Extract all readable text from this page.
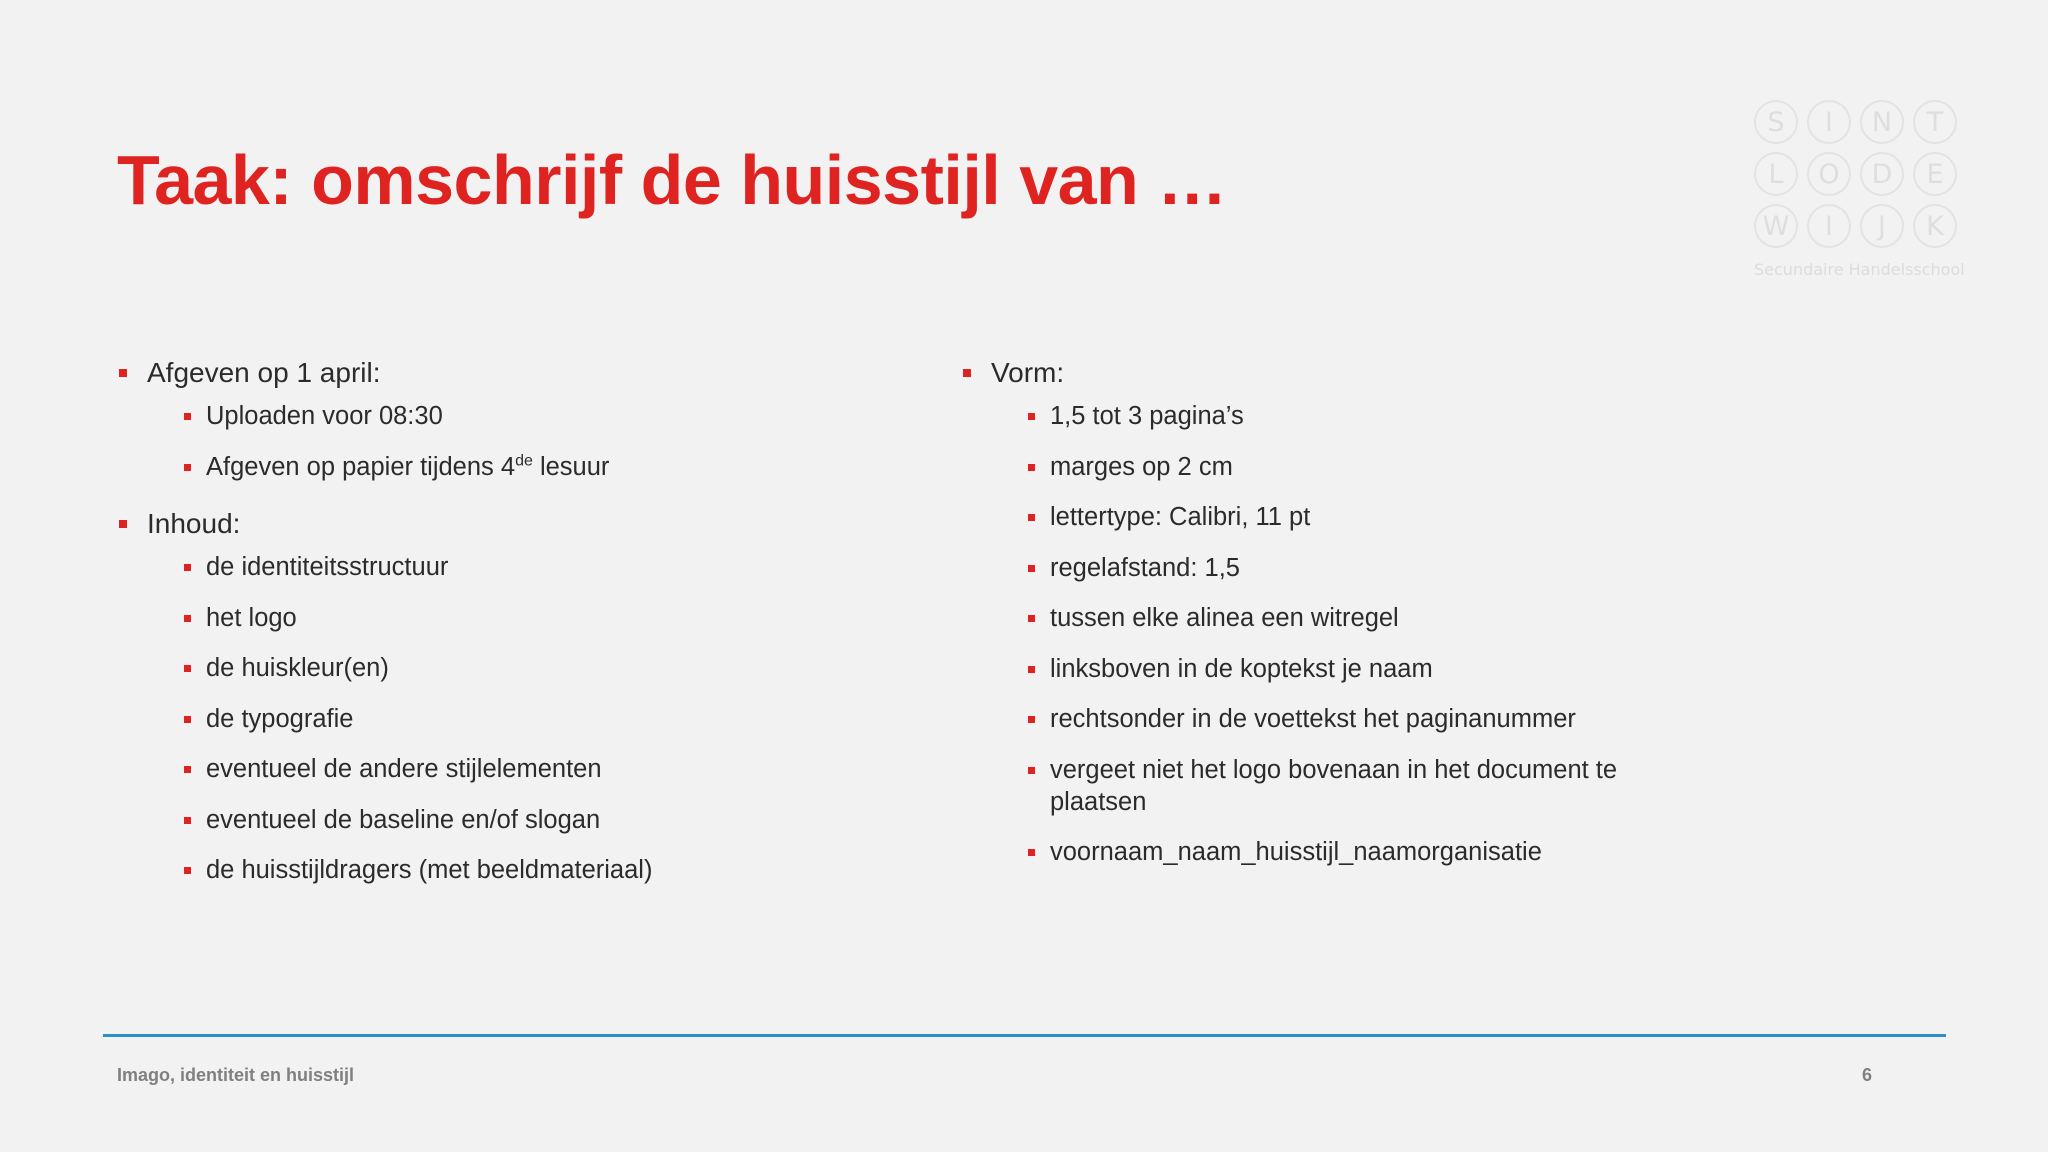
Taak: omschrijf de huisstijl van …
S	I	N	T
L	O	D	E
W	I	J	K
Secundaire Handelsschool
Afgeven op 1 april:
Uploaden voor 08:30
Afgeven op papier tijdens 4de lesuur
Inhoud:
de identiteitsstructuur
het logo
de huiskleur(en)
de typografie
eventueel de andere stijlelementen
eventueel de baseline en/of slogan
de huisstijldragers (met beeldmateriaal)
Vorm:
1,5 tot 3 pagina’s
marges op 2 cm
lettertype: Calibri, 11 pt
regelafstand: 1,5
tussen elke alinea een witregel
linksboven in de koptekst je naam
rechtsonder in de voettekst het paginanummer
vergeet niet het logo bovenaan in het document te plaatsen
voornaam_naam_huisstijl_naamorganisatie
Imago, identiteit en huisstijl	6
